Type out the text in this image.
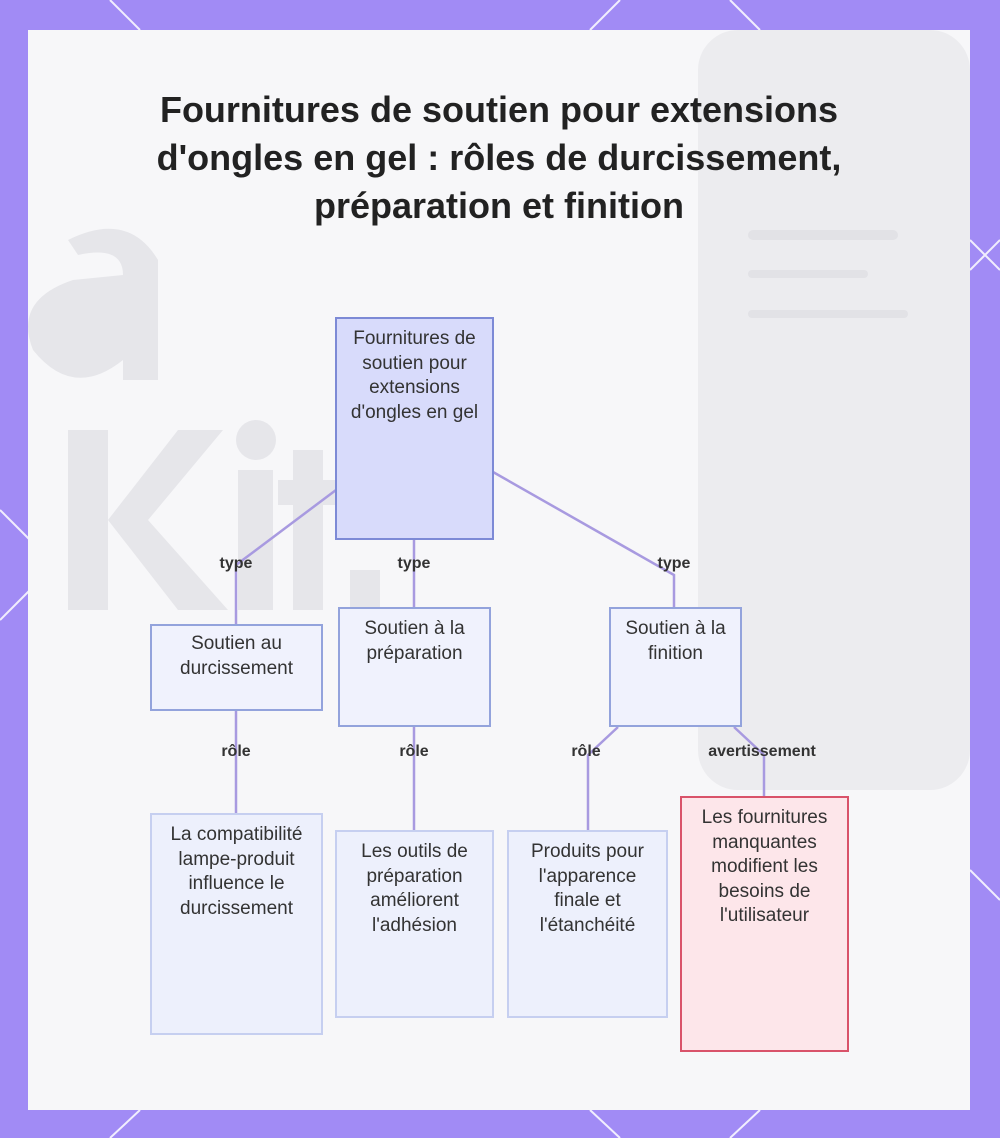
Fournitures de soutien pour extensions d'ongles en gel : rôles de durcissement, préparation et finition
Fournitures de soutien pour extensions d'ongles en gel
Soutien au durcissement
Soutien à la préparation
Soutien à la finition
La compatibilité lampe-produit influence le durcissement
Les outils de préparation améliorent l'adhésion
Produits pour l'apparence finale et l'étanchéité
Les fournitures manquantes modifient les besoins de l'utilisateur
type	type	type
rôle	rôle	rôle	avertissement
